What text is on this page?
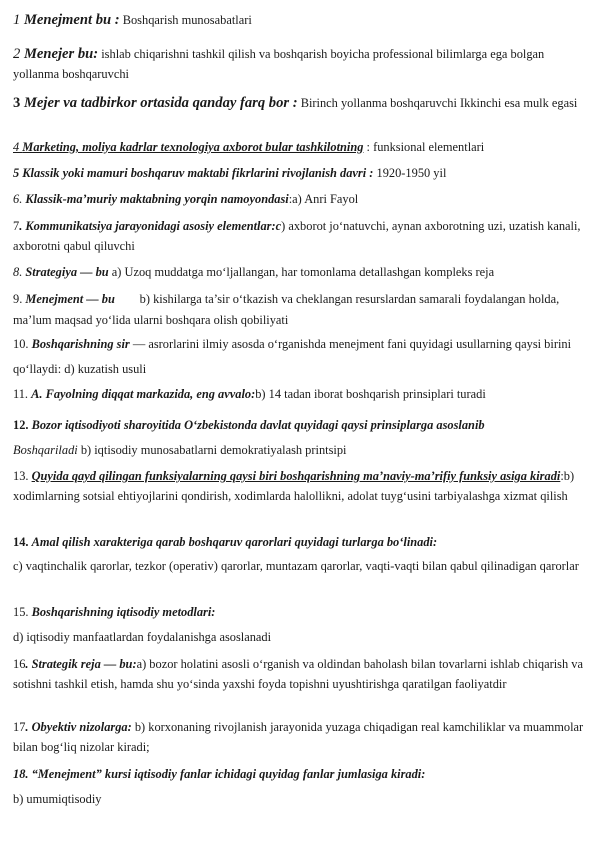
1 Menejment bu : Boshqarish munosabatlari
2 Menejer bu: ishlab chiqarishni tashkil qilish va boshqarish boyicha professional bilimlarga ega bolgan yollanma boshqaruvchi
3 Mejer va tadbirkor ortasida qanday farq bor : Birinch yollanma boshqaruvchi Ikkinchi esa mulk egasi
4 Marketing, moliya kadrlar texnologiya axborot bular tashkilotning : funksional elementlari
5 Klassik yoki mamuri boshqaruv maktabi fikrlarini rivojlanish davri : 1920-1950 yil
6. Klassik-ma’muriy maktabning yorqin namoyondasi:a) Anri Fayol
7. Kommunikatsiya jarayonidagi asosiy elementlar:c) axborot jo‘natuvchi, aynan axborotning uzi, uzatish kanali, axborotni qabul qiluvchi
8. Strategiya — bu a) Uzoq muddatga mo‘ljallangan, har tomonlama detallashgan kompleks reja
9. Menejment — bu        b) kishilarga ta’sir o‘tkazish va cheklangan resurslardan samarali foydalangan holda, ma’lum maqsad yo‘lida ularni boshqara olish qobiliyati
10. Boshqarishning sir — asrorlarini ilmiy asosda o‘rganishda menejment fani quyidagi usullarning qaysi birini qo‘llaydi: d) kuzatish usuli
11. A. Fayolning diqqat markazida, eng avvalo:b) 14 tadan iborat boshqarish prinsiplari turadi
12. Bozor iqtisodiyoti sharoyitida O‘zbekistonda davlat quyidagi qaysi prinsiplarga asoslanib
Boshqariladi b) iqtisodiy munosabatlarni demokratiyalash printsipi
13. Quyida qayd qilingan funksiyalarning qaysi biri boshqarishning ma’naviy-ma’rifiy funksiy asiga kiradi:b) xodimlarning sotsial ehtiyojlarini qondirish, xodimlarda halollikni, adolat tuyg‘usini tarbiyalashga xizmat qilish
14. Amal qilish xarakteriga qarab boshqaruv qarorlari quyidagi turlarga bo‘linadi:
c) vaqtinchalik qarorlar, tezkor (operativ) qarorlar, muntazam qarorlar, vaqti-vaqti bilan qabul qilinadigan qarorlar
15. Boshqarishning iqtisodiy metodlari:
d) iqtisodiy manfaatlardan foydalanishga asoslanadi
16. Strategik reja — bu:a) bozor holatini asosli o‘rganish va oldindan baholash bilan tovarlarni ishlab chiqarish va sotishni tashkil etish, hamda shu yo‘sinda yaxshi foyda topishni uyushtirishga qaratilgan faoliyatdir
17. Obyektiv nizolarga: b) korxonaning rivojlanish jarayonida yuzaga chiqadigan real kamchiliklar va muammolar bilan bog‘liq nizolar kiradi;
18. “Menejment” kursi iqtisodiy fanlar ichidagi quyidag fanlar jumlasiga kiradi:
b) umumiqtisodiy
